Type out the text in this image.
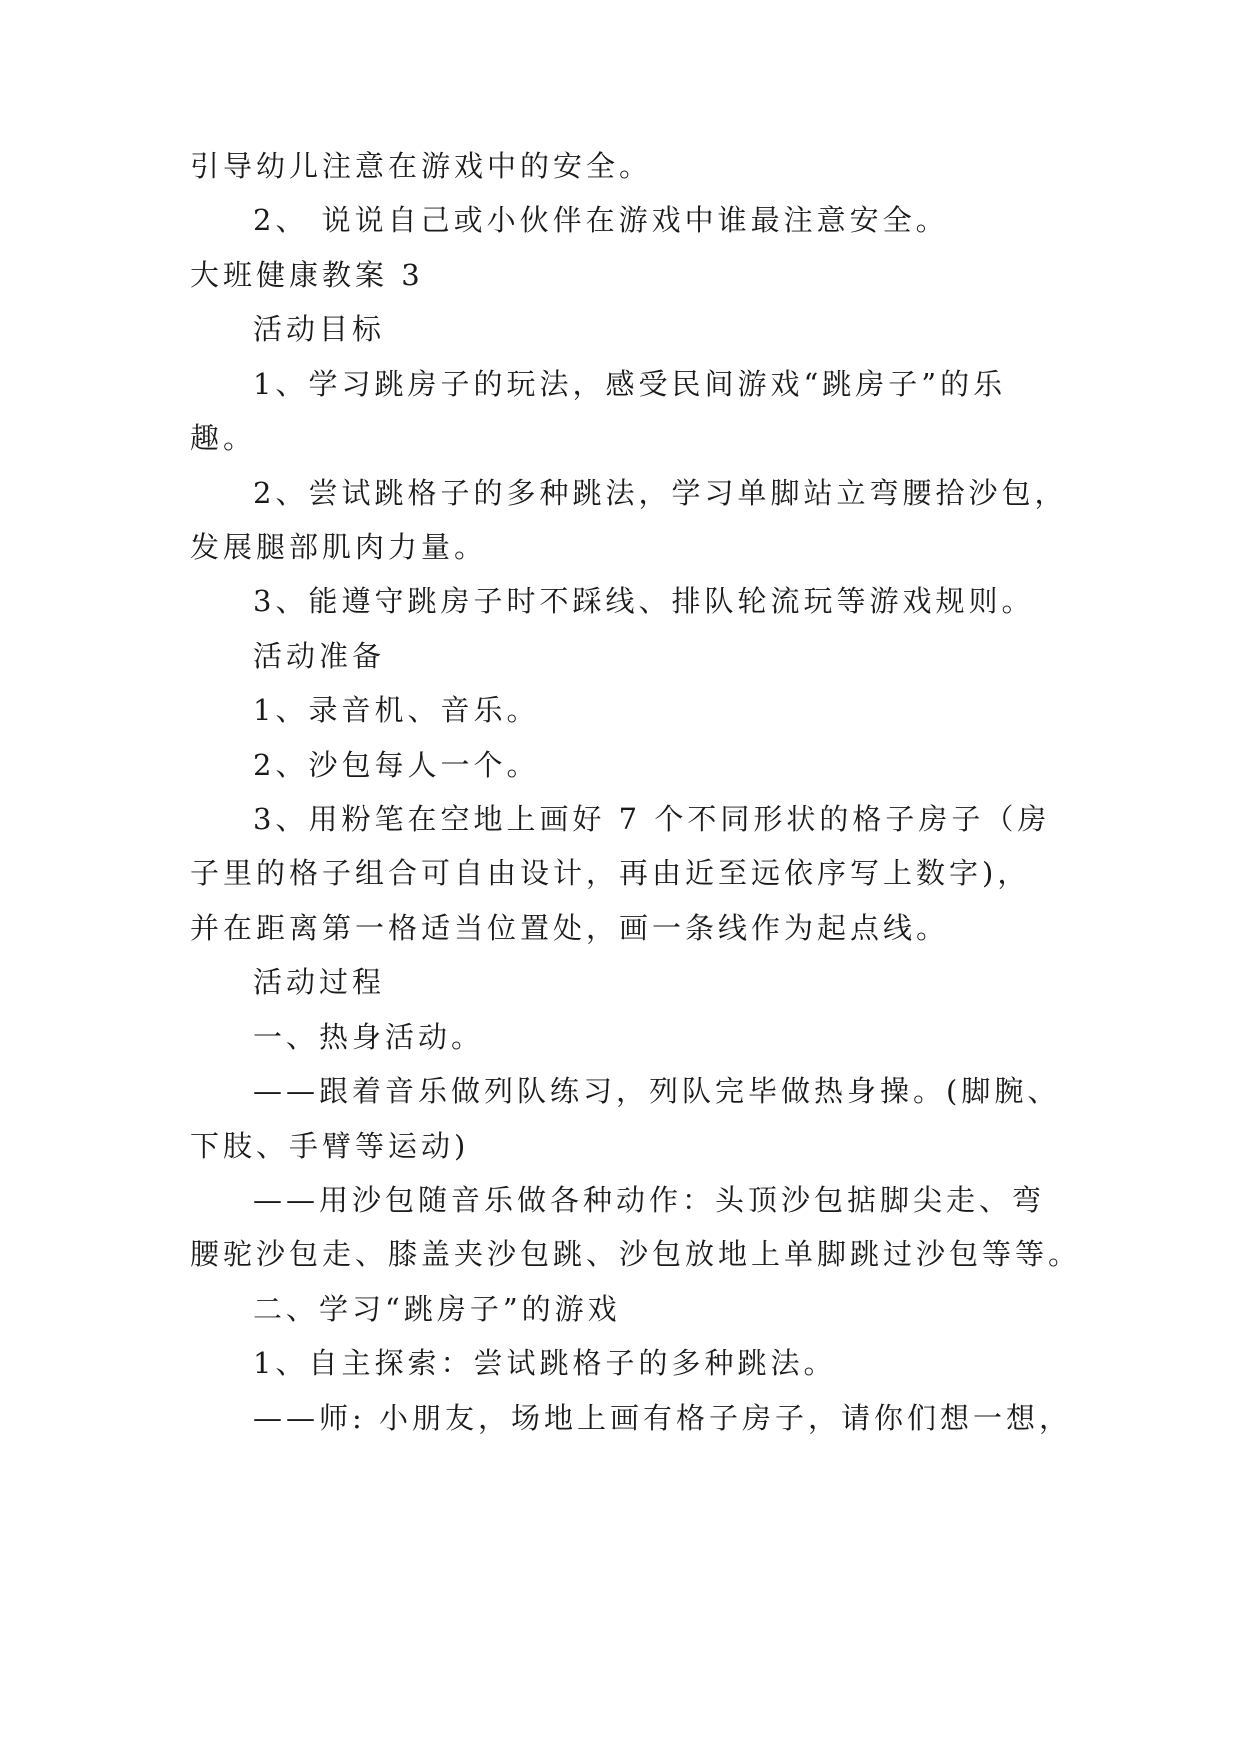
引导幼儿注意在游戏中的安全。
2、 说说自己或小伙伴在游戏中谁最注意安全。
大班健康教案 3
活动目标
1、学习跳房子的玩法，感受民间游戏“跳房子”的乐
趣。
2、尝试跳格子的多种跳法，学习单脚站立弯腰拾沙包，
发展腿部肌肉力量。
3、能遵守跳房子时不踩线、排队轮流玩等游戏规则。
活动准备
1、录音机、音乐。
2、沙包每人一个。
3、用粉笔在空地上画好 7 个不同形状的格子房子（房
子里的格子组合可自由设计，再由近至远依序写上数字)，
并在距离第一格适当位置处，画一条线作为起点线。
活动过程
一、热身活动。
——跟着音乐做列队练习，列队完毕做热身操。(脚腕、
下肢、手臂等运动)
——用沙包随音乐做各种动作：头顶沙包掂脚尖走、弯
腰驼沙包走、膝盖夹沙包跳、沙包放地上单脚跳过沙包等等。
二、学习“跳房子”的游戏
1、自主探索：尝试跳格子的多种跳法。
——师: 小朋友，场地上画有格子房子，请你们想一想，
